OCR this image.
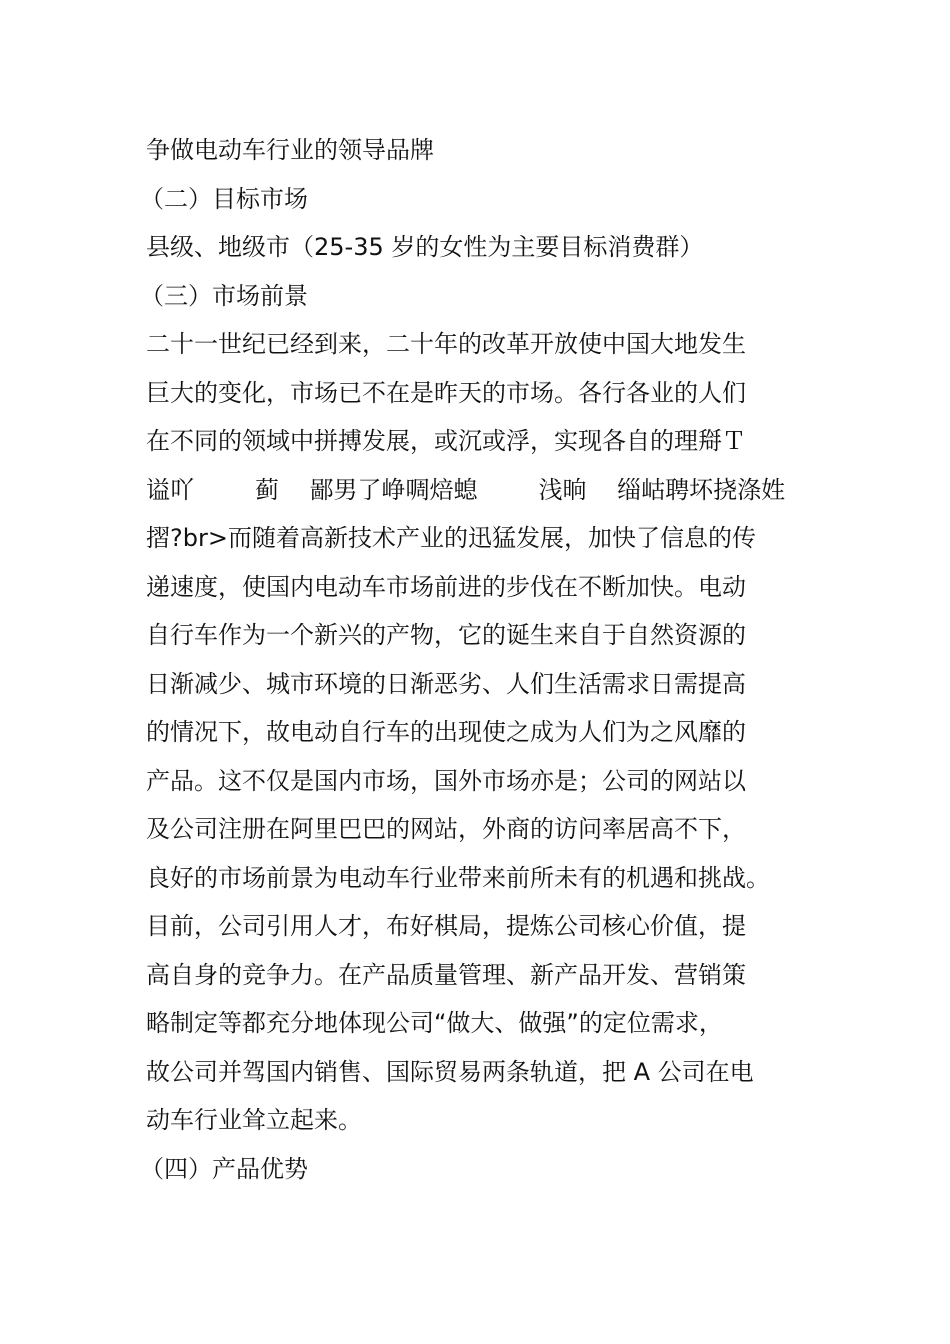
争做电动车行业的领导品牌
（二）目标市场
县级、地级市（25-35 岁的女性为主要目标消费群）
（三）市场前景
二十一世纪已经到来，二十年的改革开放使中国大地发生
巨大的变化，市场已不在是昨天的市场。各行各业的人们
在不同的领域中拼搏发展，或沉或浮，实现各自的理搿Ｔ
谥吖        蓟    鄙男了峥啁焙螅        浅晌    缁岵聘坏挠涤姓
摺?br>而随着高新技术产业的迅猛发展，加快了信息的传
递速度，使国内电动车市场前进的步伐在不断加快。电动
自行车作为一个新兴的产物，它的诞生来自于自然资源的
日渐减少、城市环境的日渐恶劣、人们生活需求日需提高
的情况下，故电动自行车的出现使之成为人们为之风靡的
产品。这不仅是国内市场，国外市场亦是；公司的网站以
及公司注册在阿里巴巴的网站，外商的访问率居高不下，
良好的市场前景为电动车行业带来前所未有的机遇和挑战。
目前，公司引用人才，布好棋局，提炼公司核心价值，提
高自身的竞争力。在产品质量管理、新产品开发、营销策
略制定等都充分地体现公司“做大、做强”的定位需求，
故公司并驾国内销售、国际贸易两条轨道，把 A 公司在电
动车行业耸立起来。
（四）产品优势
